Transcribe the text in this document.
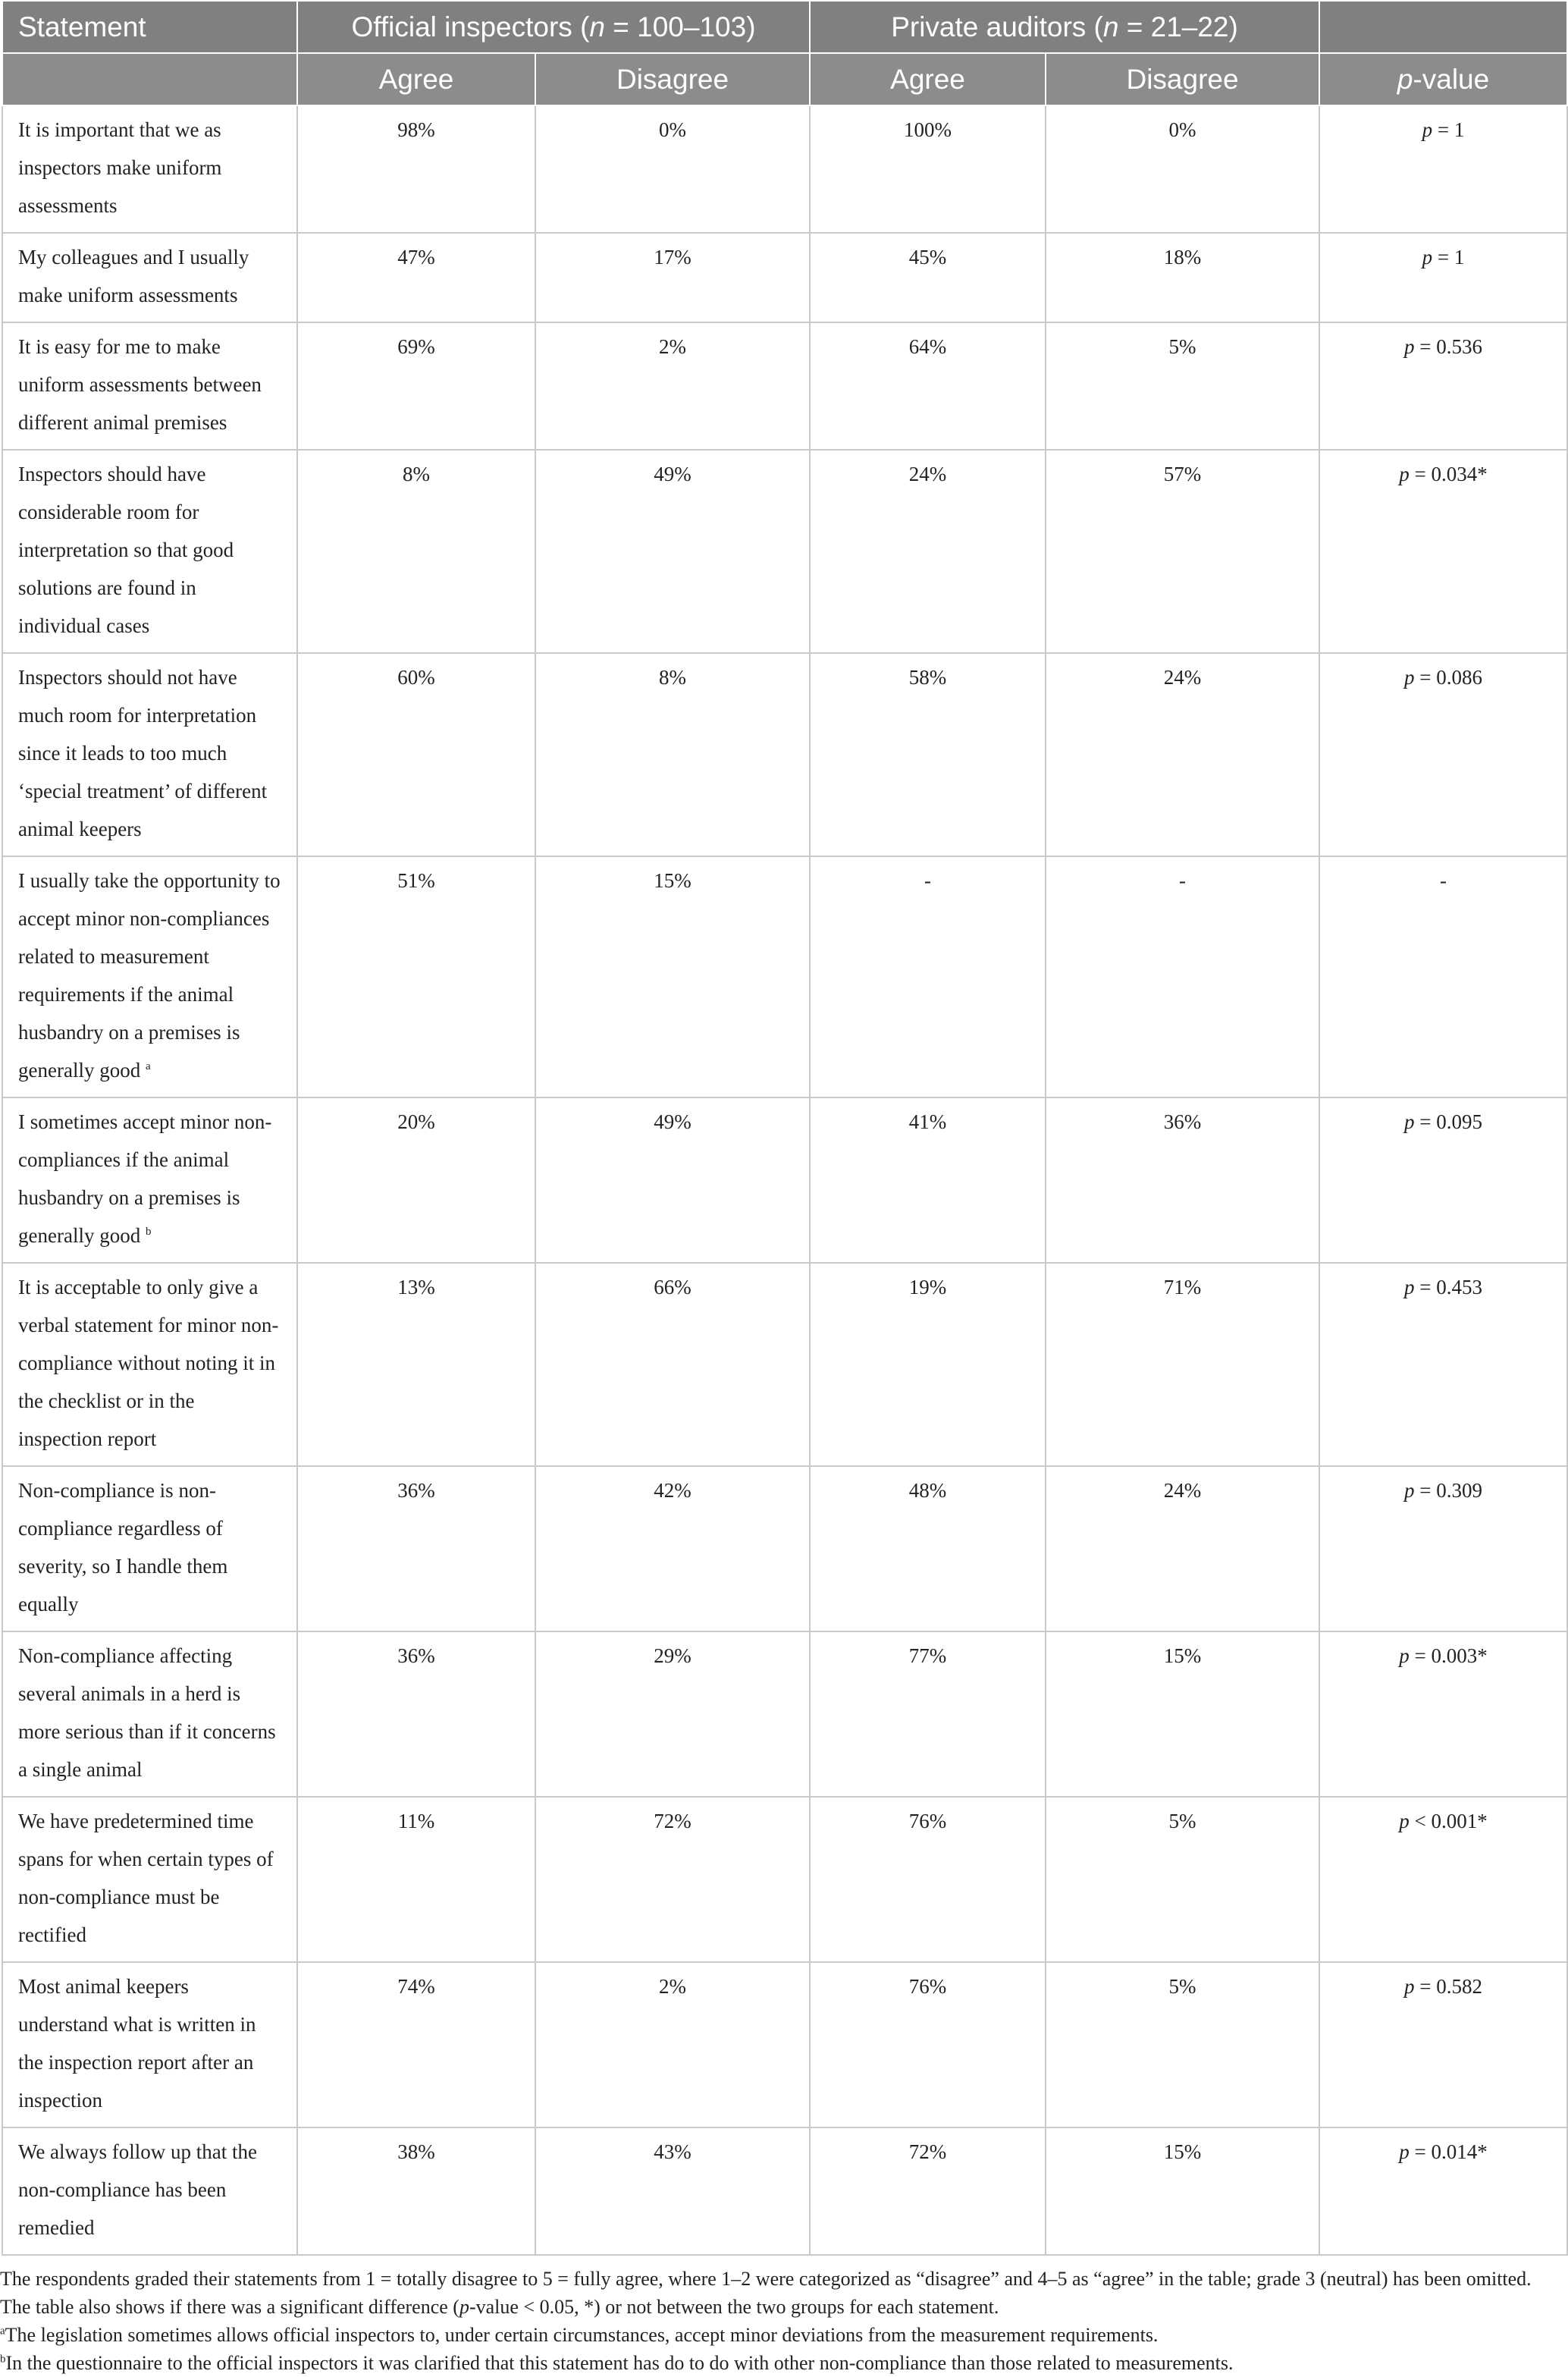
Statement	Official inspectors (n = 100–103)		Private auditors (n = 21–22)		
	Agree	Disagree	Agree	Disagree	p-value
It is important that we as inspectors make uniform assessments	98%	0%	100%	0%	p = 1
My colleagues and I usually make uniform assessments	47%	17%	45%	18%	p = 1
It is easy for me to make uniform assessments between different animal premises	69%	2%	64%	5%	p = 0.536
Inspectors should have considerable room for interpretation so that good solutions are found in individual cases	8%	49%	24%	57%	p = 0.034*
Inspectors should not have much room for interpretation since it leads to too much ‘special treatment’ of different animal keepers	60%	8%	58%	24%	p = 0.086
I usually take the opportunity to accept minor non-compliances related to measurement requirements if the animal husbandry on a premises is generally good $^a$	51%	15%	-	-	-
I sometimes accept minor non-compliances if the animal husbandry on a premises is generally good $^b$	20%	49%	41%	36%	p = 0.095
It is acceptable to only give a verbal statement for minor non-compliance without noting it in the checklist or in the inspection report	13%	66%	19%	71%	p = 0.453
Non-compliance is non-compliance regardless of severity, so I handle them equally	36%	42%	48%	24%	p = 0.309
Non-compliance affecting several animals in a herd is more serious than if it concerns a single animal	36%	29%	77%	15%	p = 0.003*
We have predetermined time spans for when certain types of non-compliance must be rectified	11%	72%	76%	5%	p < 0.001*
Most animal keepers understand what is written in the inspection report after an inspection	74%	2%	76%	5%	p = 0.582
We always follow up that the non-compliance has been remedied	38%	43%	72%	15%	p = 0.014*

The respondents graded their statements from 1 = totally disagree to 5 = fully agree, where 1–2 were categorized as “disagree” and 4–5 as “agree” in the table; grade 3 (neutral) has been omitted. The table also shows if there was a significant difference (p-value < 0.05, *) or not between the two groups for each statement.

$^a$The legislation sometimes allows official inspectors to, under certain circumstances, accept minor deviations from the measurement requirements.

$^b$In the questionnaire to the official inspectors it was clarified that this statement has do to do with other non-compliance than those related to measurements.
